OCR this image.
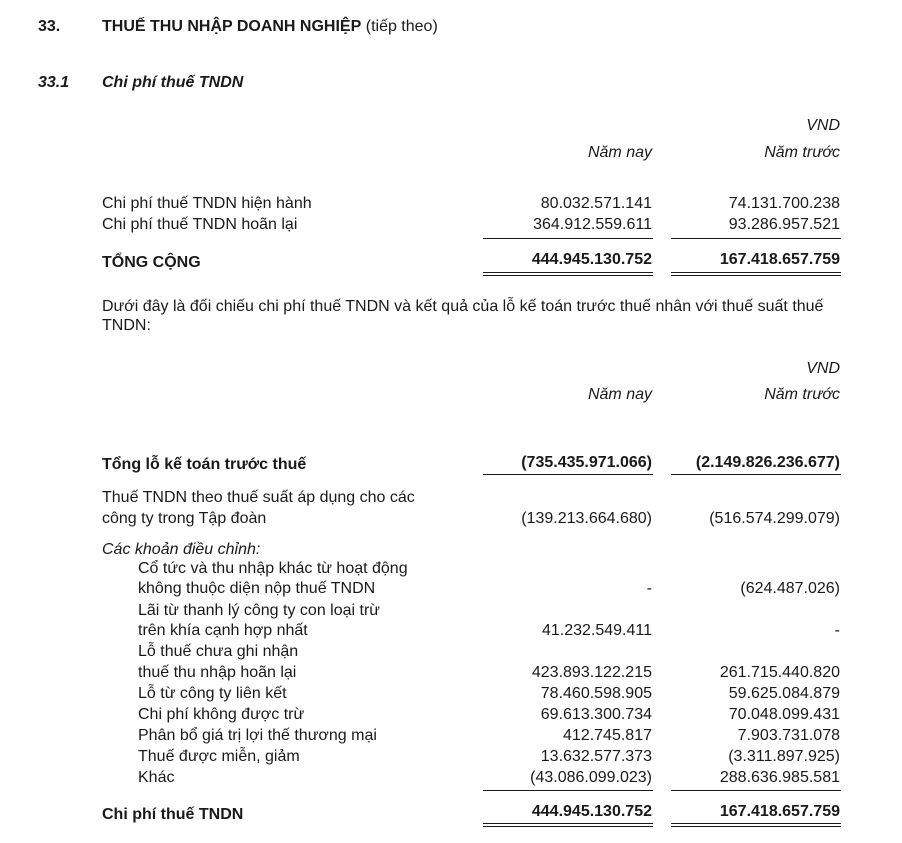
33.	THUẾ THU NHẬP DOANH NGHIỆP (tiếp theo)
33.1 Chi phí thuế TNDN
VND
Năm nay	Năm trước
Chi phí thuế TNDN hiện hành	80.032.571.141	74.131.700.238
Chi phí thuế TNDN hoãn lại	364.912.559.611	93.286.957.521
TỔNG CỘNG	444.945.130.752	167.418.657.759
Dưới đây là đối chiếu chi phí thuế TNDN và kết quả của lỗ kế toán trước thuế nhân với thuế suất thuế TNDN:
VND
Năm nay	Năm trước
Tổng lỗ kế toán trước thuế	(735.435.971.066)	(2.149.826.236.677)
Thuế TNDN theo thuế suất áp dụng cho các
công ty trong Tập đoàn	(139.213.664.680)	(516.574.299.079)
Các khoản điều chỉnh:
Cổ tức và thu nhập khác từ hoạt động
không thuộc diện nộp thuế TNDN	-	(624.487.026)
Lãi từ thanh lý công ty con loại trừ
trên khía cạnh hợp nhất	41.232.549.411	-
Lỗ thuế chưa ghi nhận
thuế thu nhập hoãn lại	423.893.122.215	261.715.440.820
Lỗ từ công ty liên kết	78.460.598.905	59.625.084.879
Chi phí không được trừ	69.613.300.734	70.048.099.431
Phân bổ giá trị lợi thế thương mại	412.745.817	7.903.731.078
Thuế được miễn, giảm	13.632.577.373	(3.311.897.925)
Khác	(43.086.099.023)	288.636.985.581
Chi phí thuế TNDN	444.945.130.752	167.418.657.759
